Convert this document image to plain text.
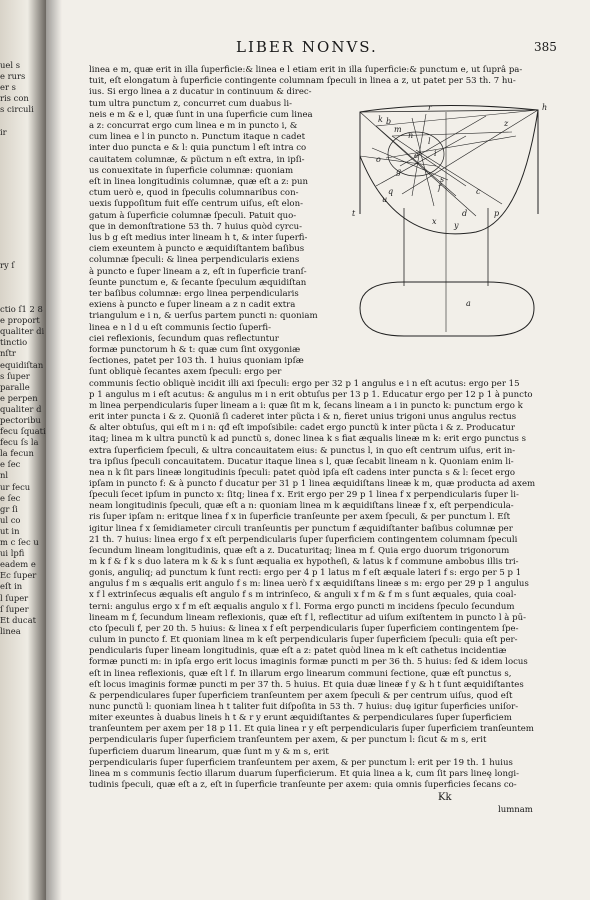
uel s
e rurs
er s
ris con
s circuli
ir
ry ſ
ctio ſ1 2 8
e proport
qualiter di
tinctio
nſtr
equidiſtan
s ſuper
paralle
e perpen
qualiter d
pectoribu
fecu ſquati
fecu ſs la
la fecun
e ſec
nl
ur fecu
e ſec
gr ſi
ul co
ut in
m c ſec u
ui lpfi
eadem e
Ec ſuper
eſt in
l ſuper
ſ ſuper
Et ducat
linea
LIBER NONVS.	385
linea e m, quæ erit in illa ſuperficie:& linea e l etiam erit in illa ſuperficie:& punctum e, ut ſuprâ pa-
tuit, eſt elongatum à ſuperficie contingente columnam ſpeculi in linea a z, ut patet per 53 th. 7 hu-
ius. Si ergo linea a z ducatur in continuum & direc-
tum ultra punctum z, concurret cum duabus li-
neis e m & e l, quæ ſunt in una ſuperficie cum linea
a z: concurrat ergo cum linea e m in puncto i, &
cum linea e l in puncto n. Punctum itaque n cadet
inter duo puncta e & l: quia punctum l eſt intra co
cauitatem columnæ, & pũctum n eſt extra, in ipſi-
us conuexitate in ſuperficie columnæ: quoniam
eſt in linea longitudinis columnæ, quæ eſt a z: pun
ctum uerò e, quod in ſpeculis columnaribus con-
uexis ſuppoſitum fuit eſſe centrum uiſus, eſt elon-
gatum à ſuperficie columnæ ſpeculi. Patuit quo-
que in demonſtratione 53 th. 7 huius quòd cyrcu-
lus b g eſt medius inter lineam h t, & inter ſuperfi-
ciem exeuntem à puncto e æquidiſtantem baſibus
columnæ ſpeculi: & linea perpendicularis exiens
à puncto e ſuper lineam a z, eſt in ſuperficie tranſ-
ſeunte punctum e, & ſecante ſpeculum æquidiſtan
ter baſibus columnæ: ergo linea perpendicularis
exiens à puncto e ſuper lineam a z n cadit extra
triangulum e i n, & uerſus partem puncti n: quoniam
linea e n l d u eſt communis ſectio ſuperfi-
ciei reflexionis, ſecundum quas reflectuntur
formæ punctorum h & t: quæ cum ſint oxygoniæ
ſectiones, patet per 103 th. 1 huius quoniam ipſæ
ſunt obliquè ſecantes axem ſpeculi: ergo per
communis ſectio obliquè incidit illi axi ſpeculi: ergo per 32 p 1 angulus e i n eſt acutus: ergo per 15
p 1 angulus m i eſt acutus: & angulus m i n erit obtuſus per 13 p 1. Educatur ergo per 12 p 1 à puncto
m linea perpendicularis ſuper lineam a i: quæ ſit m k, ſecans lineam a i in puncto k: punctum ergo k
erit inter puncta i & z. Quoniã ſi caderet inter pũcta i & n, fieret unius trigoni unus angulus rectus
& alter obtuſus, qui eſt m i n: qđ eſt impoſsibile: cadet ergo punctũ k inter pũcta i & z. Producatur
itaq; linea m k ultra punctũ k ad punctũ s, donec linea k s fiat æqualis lineæ m k: erit ergo punctus s
extra ſuperficiem ſpeculi, & ultra concauitatem eius: & punctus l, in quo eſt centrum uiſus, erit in-
tra ipſius ſpeculi concauitatem. Ducatur itaque linea s l, quæ ſecabit lineam n k. Quoniam enim li-
nea n k ſit pars lineæ longitudinis ſpeculi: patet quòd ipſa eſt cadens inter puncta s & l: ſecet ergo
ipſam in puncto f: & à puncto f ducatur per 31 p 1 linea æquidiſtans lineæ k m, quæ producta ad axem
ſpeculi ſecet ipſum in puncto x: ſitq; linea f x. Erit ergo per 29 p 1 linea f x perpendicularis ſuper li-
neam longitudinis ſpeculi, quæ eſt a n: quoniam linea m k æquidiſtans lineæ f x, eſt perpendicula-
ris ſuper ipſam n: eritque linea f x in ſuperficie tranſeunte per axem ſpeculi, & per punctum l. Eſt
igitur linea f x ſemidiameter circuli tranſeuntis per punctum f æquidiſtanter baſibus columnæ per
21 th. 7 huius: linea ergo f x eſt perpendicularis ſuper ſuperficiem contingentem columnam ſpeculi
ſecundum lineam longitudinis, quæ eſt a z. Ducaturitaq; linea m f. Quia ergo duorum trigonorum
m k f & f k s duo latera m k & k s ſunt æqualia ex hypotheſi, & latus k f commune ambobus illis tri-
gonis, anguliq; ad punctum k ſunt recti: ergo per 4 p 1 latus m f eſt æquale lateri f s: ergo per 5 p 1
angulus f m s æqualis erit angulo f s m: linea uerò f x æquidiſtans lineæ s m: ergo per 29 p 1 angulus
x f l extrinſecus æqualis eſt angulo f s m intrinſeco, & anguli x f m & f m s ſunt æquales, quia coal-
terni: angulus ergo x f m eſt æqualis angulo x f l. Forma ergo puncti m incidens ſpeculo ſecundum
lineam m f, ſecundum lineam reflexionis, quæ eſt f l, reflectitur ad uiſum exiſtentem in puncto l à pū-
cto ſpeculi f, per 20 th. 5 huius: & linea x f eſt perpendicularis ſuper ſuperficiem contingentem ſpe-
culum in puncto f. Et quoniam linea m k eſt perpendicularis ſuper ſuperficiem ſpeculi: quia eſt per-
pendicularis ſuper lineam longitudinis, quæ eſt a z: patet quòd linea m k eſt cathetus incidentiæ
formæ puncti m: in ipſa ergo erit locus imaginis formæ puncti m per 36 th. 5 huius: ſed & idem locus
eſt in linea reflexionis, quæ eſt l f. In illarum ergo linearum communi ſectione, quæ eſt punctus s,
eſt locus imaginis formæ puncti m per 37 th. 5 huius. Et quia duæ lineæ f y & h t ſunt æquidiſtantes
& perpendiculares ſuper ſuperficiem tranſeuntem per axem ſpeculi & per centrum uiſus, quod eſt
nunc punctũ l: quoniam linea h t taliter fuit diſpoſita in 53 th. 7 huius: duę igitur ſuperficies uniſor-
miter exeuntes à duabus lineis h t & r y erunt æquidiſtantes & perpendiculares ſuper ſuperficiem
tranſeuntem per axem per 18 p 11. Et quia linea r y eſt perpendicularis ſuper ſuperficiem tranſeuntem
perpendicularis ſuper ſuperficiem tranſeuntem per axem, & per punctum l: ſicut & m s, erit
ſuperficiem duarum linearum, quæ ſunt m y & m s, erit
perpendicularis ſuper ſuperficiem tranſeuntem per axem, & per punctum l: erit per 19 th. 1 huius
linea m s communis ſectio illarum duarum ſuperficierum. Et quia linea a k, cum ſit pars lineę longi-
tudinis ſpeculi, quæ eſt a z, eſt in ſuperficie tranſeunte per axem: quia omnis ſuperficies ſecans co-
r	h
k
m
z
l
e
c
f
d
g
i
n
q
o
b
s
y
x
t	p
u
a
Kk
lumnam
